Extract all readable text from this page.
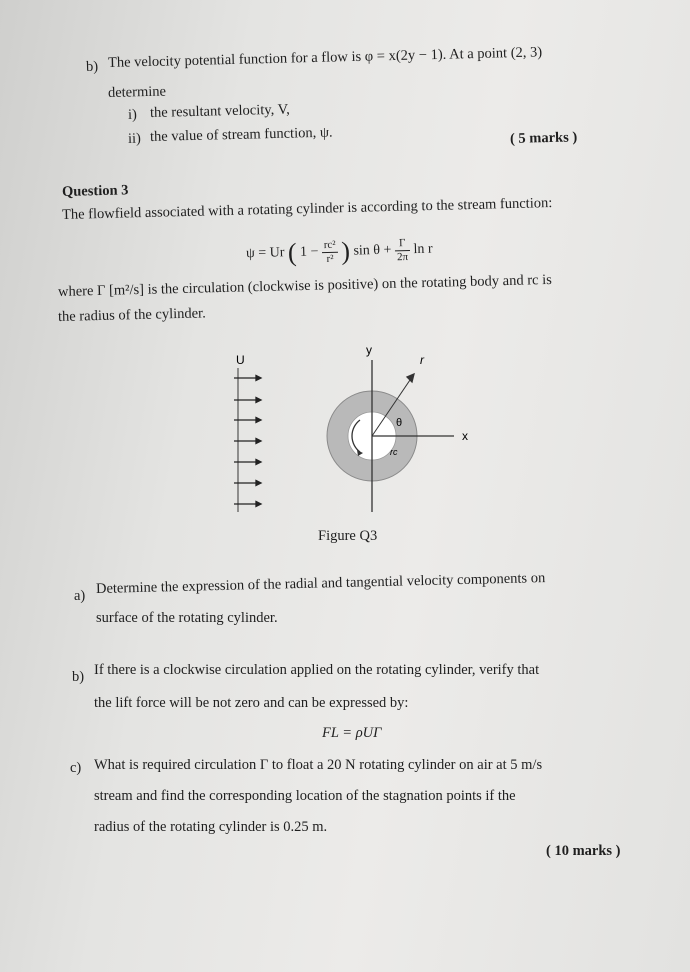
b) The velocity potential function for a flow is φ = x(2y − 1). At a point (2, 3)
determine
i) the resultant velocity, V,
ii) the value of stream function, ψ.	( 5 marks )
Question 3
The flowfield associated with a rotating cylinder is according to the stream function:
ψ = Ur ( $1 - \frac{\text{rc²}}{\text{r²}}$ ) $\sin \theta + \frac{\Gamma}{2\pi}$ ln r
where Γ [m²/s] is the circulation (clockwise is positive) on the rotating body and rc is
the radius of the cylinder.
U
y
r
θ
x
rc
Figure Q3
a) Determine the expression of the radial and tangential velocity components on
surface of the rotating cylinder.
b) If there is a clockwise circulation applied on the rotating cylinder, verify that
the lift force will be not zero and can be expressed by:
FL = ρUΓ
c) What is required circulation Γ to float a 20 N rotating cylinder on air at 5 m/s
stream and find the corresponding location of the stagnation points if the
radius of the rotating cylinder is 0.25 m.
( 10 marks )
